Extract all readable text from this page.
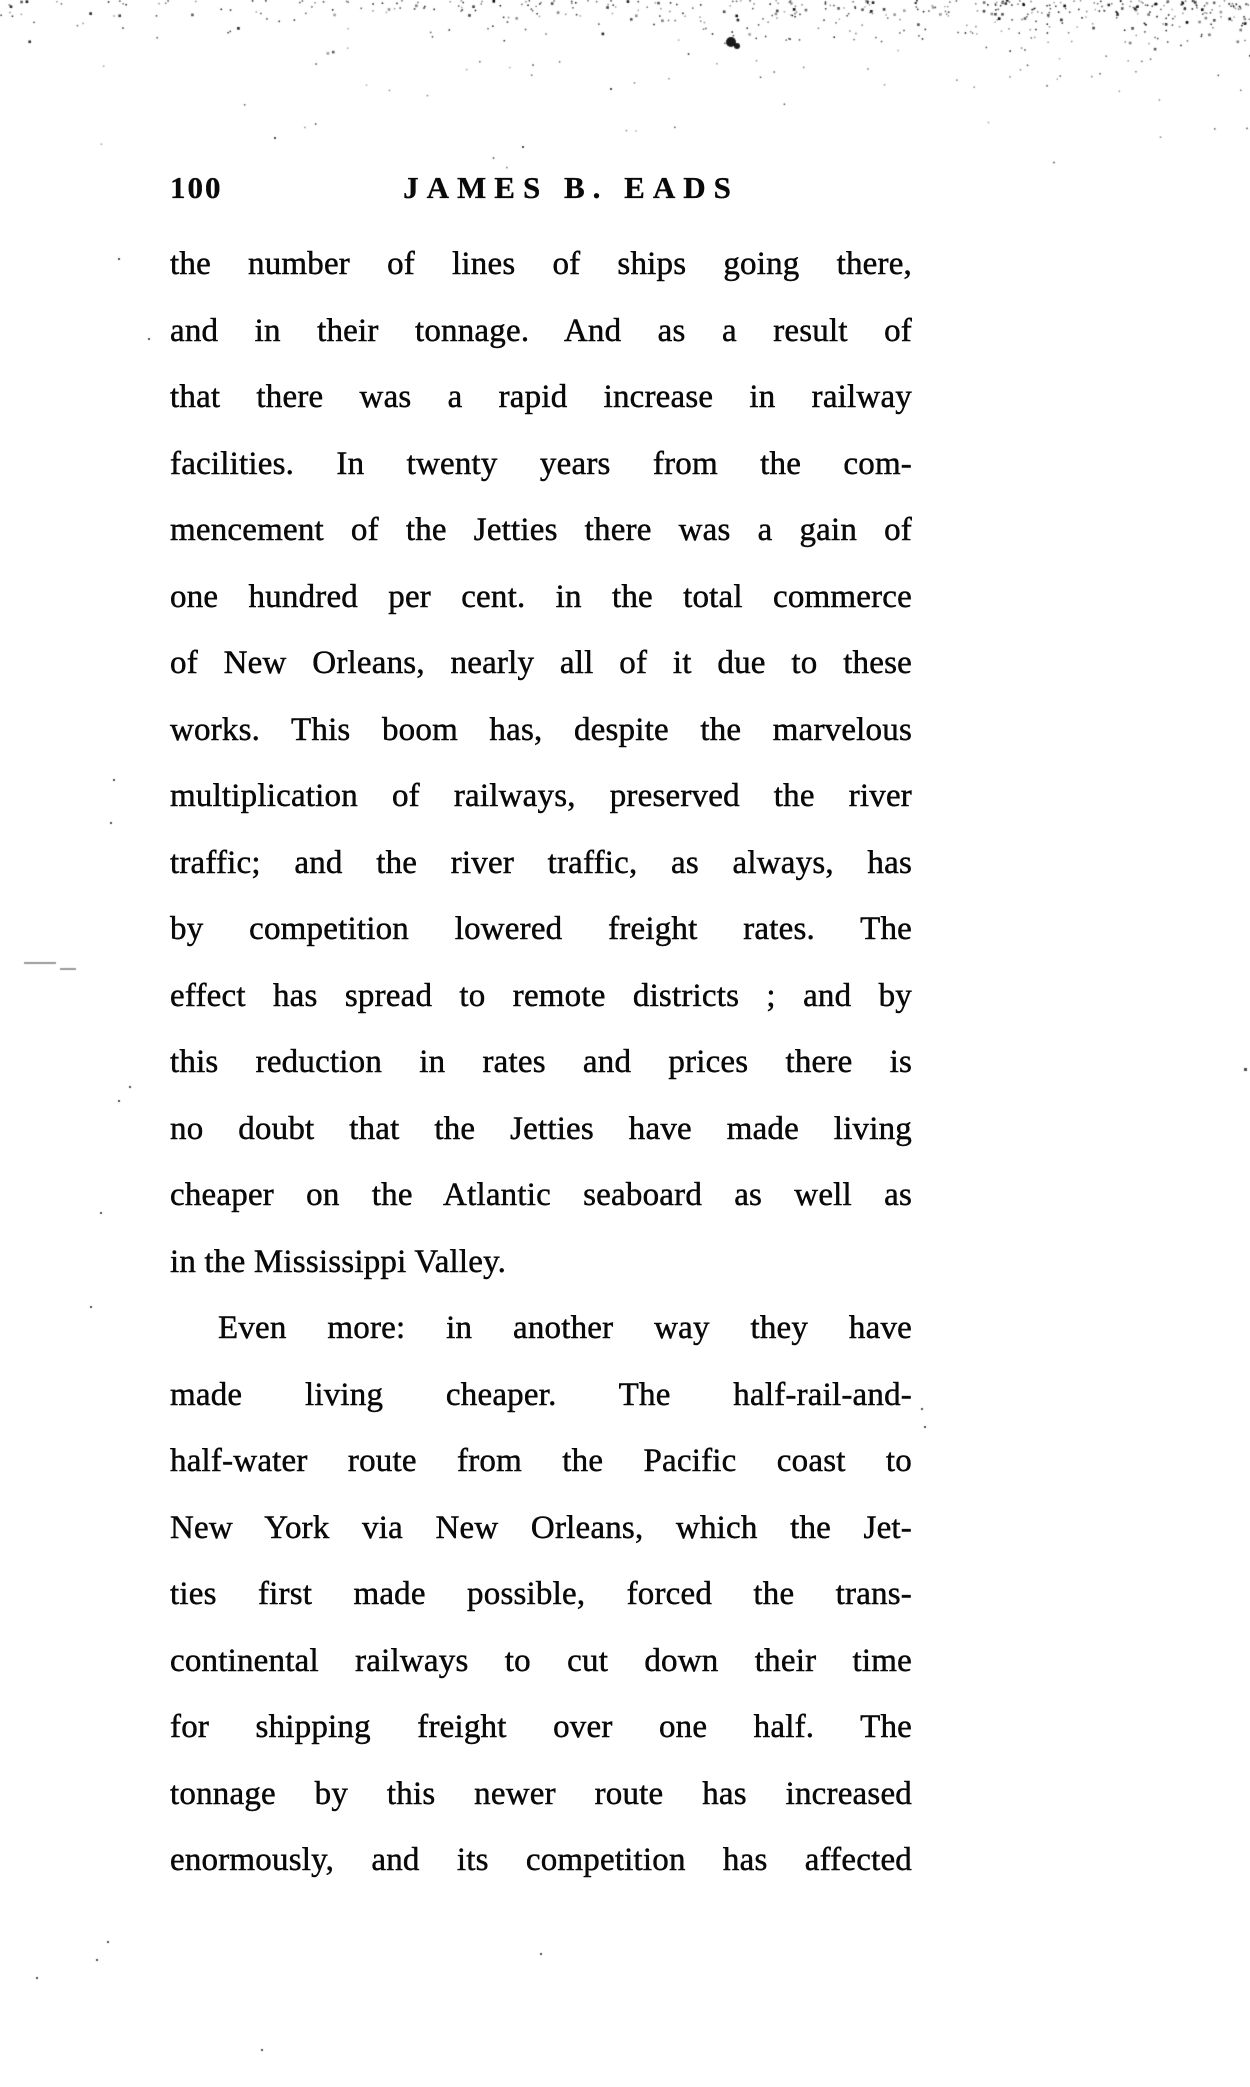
100	JAMES B. EADS
the number of lines of ships going there,
and in their tonnage. And as a result of
that there was a rapid increase in railway
facilities. In twenty years from the com-
mencement of the Jetties there was a gain of
one hundred per cent. in the total commerce
of New Orleans, nearly all of it due to these
works. This boom has, despite the marvelous
multiplication of railways, preserved the river
traffic; and the river traffic, as always, has
by competition lowered freight rates. The
effect has spread to remote districts ; and by
this reduction in rates and prices there is
no doubt that the Jetties have made living
cheaper on the Atlantic seaboard as well as
in the Mississippi Valley.
Even more: in another way they have
made living cheaper. The half-rail-and-
half-water route from the Pacific coast to
New York via New Orleans, which the Jet-
ties first made possible, forced the trans-
continental railways to cut down their time
for shipping freight over one half. The
tonnage by this newer route has increased
enormously, and its competition has affected
